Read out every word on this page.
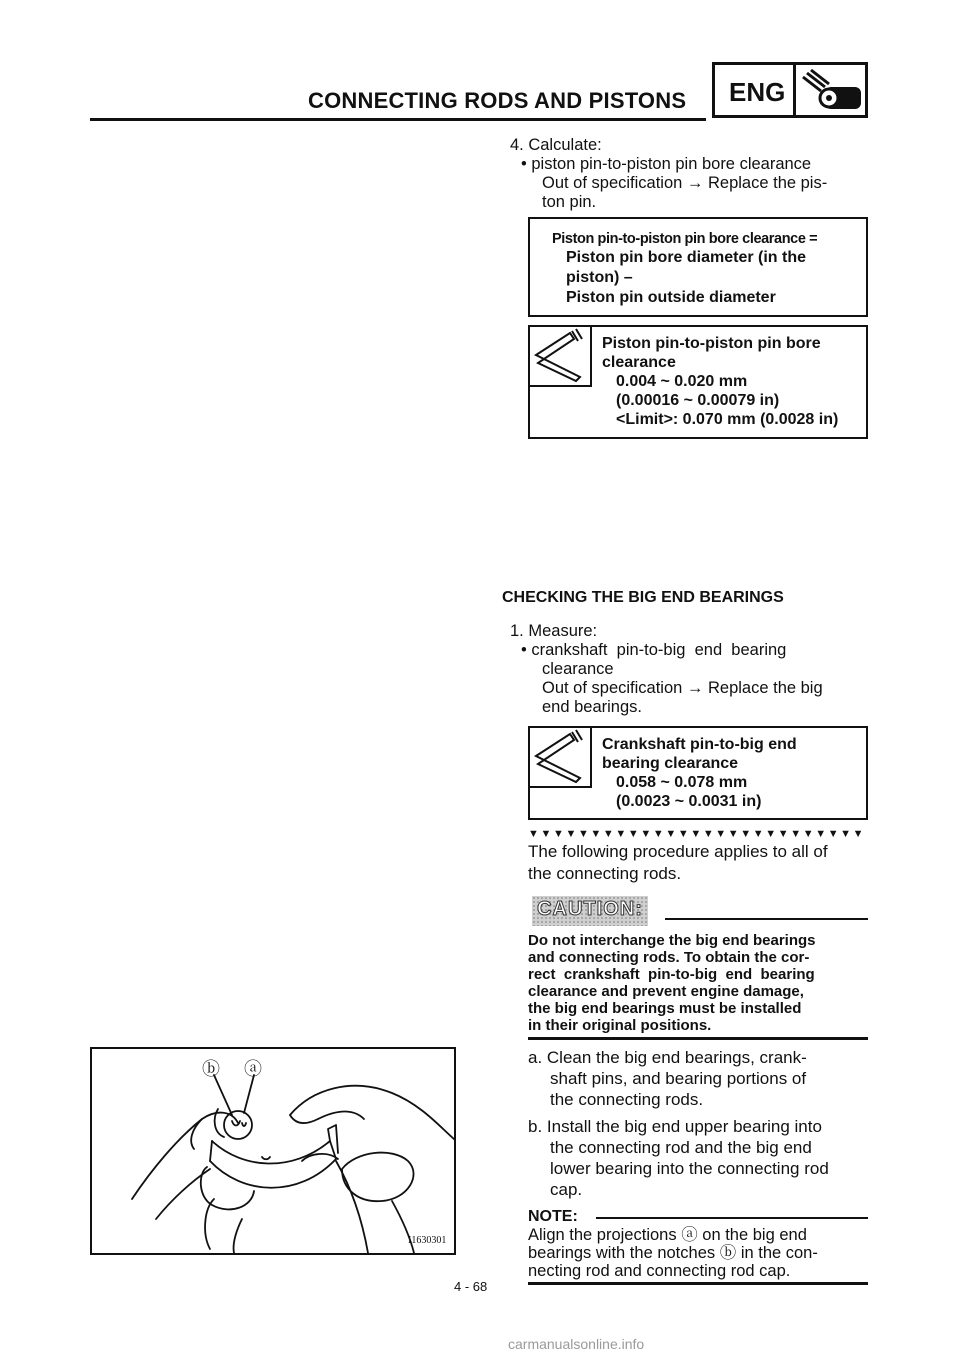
CONNECTING RODS AND PISTONS ENG
4. Calculate:
• piston pin-to-piston pin bore clearance
Out of specification → Replace the pis-
ton pin.
Piston pin-to-piston pin bore clearance =
Piston pin bore diameter (in the
piston) –
Piston pin outside diameter
Piston pin-to-piston pin bore
clearance
0.004 ~ 0.020 mm
(0.00016 ~ 0.00079 in)
<Limit>: 0.070 mm (0.0028 in)
CHECKING THE BIG END BEARINGS
1. Measure:
• crankshaft  pin-to-big  end  bearing
clearance
Out of specification → Replace the big
end bearings.
Crankshaft pin-to-big end
bearing clearance
0.058 ~ 0.078 mm
(0.0023 ~ 0.0031 in)
▼▼▼▼▼▼▼▼▼▼▼▼▼▼▼▼▼▼▼▼▼▼▼▼▼▼▼
The following procedure applies to all of
the connecting rods.
CAUTION:
Do not interchange the big end bearings
and connecting rods. To obtain the cor-
rect  crankshaft  pin-to-big  end  bearing
clearance and prevent engine damage,
the big end bearings must be installed
in their original positions.
a. Clean the big end bearings, crank-
shaft pins, and bearing portions of
the connecting rods.
b. Install the big end upper bearing into
the connecting rod and the big end
lower bearing into the connecting rod
cap.
NOTE:
Align the projections ⓐ on the big end
bearings with the notches ⓑ in the con-
necting rod and connecting rod cap.
ⓑ ⓐ
I1630301
4 - 68
carmanualsonline.info
